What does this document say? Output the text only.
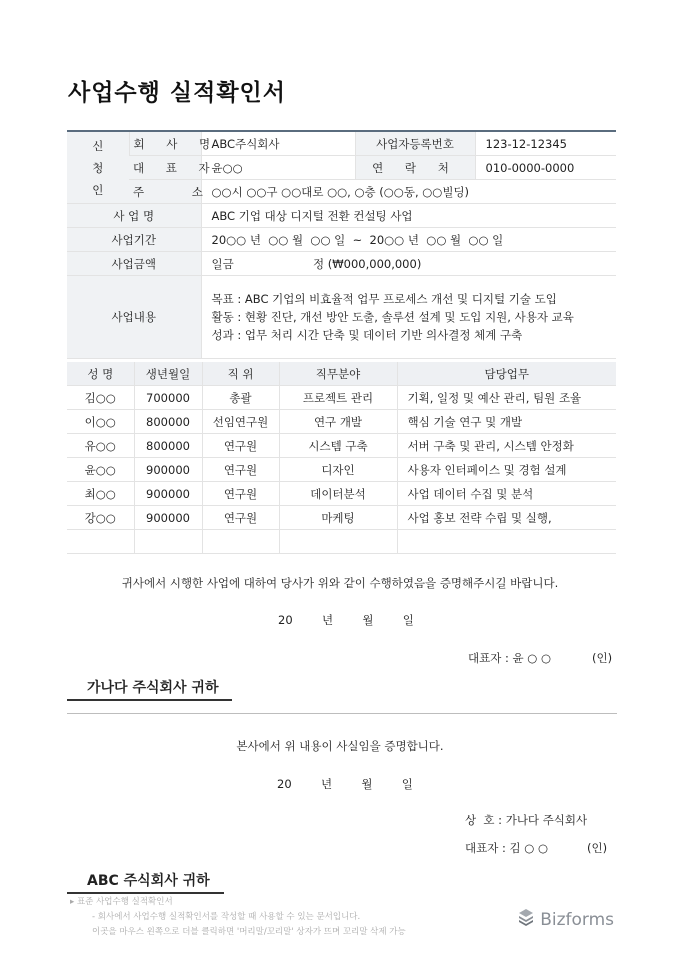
사업수행 실적확인서
신
청
인	회 사 명	ABC주식회사	사업자등록번호	123-12-12345
	대 표 자	윤○○	연 락 처	010-0000-0000
	주 소	○○시 ○○구 ○○대로 ○○, ○층 (○○동, ○○빌딩)		
사 업 명		ABC 기업 대상 디지털 전환 컨설팅 사업		
사업기간		20○○ 년  ○○ 월  ○○ 일  ~  20○○ 년  ○○ 월  ○○ 일		
사업금액		일금 정 (₩000,000,000)		
사업내용		목표 : ABC 기업의 비효율적 업무 프로세스 개선 및 디지털 기술 도입
활동 : 현황 진단, 개선 방안 도출, 솔루션 설계 및 도입 지원, 사용자 교육
성과 : 업무 처리 시간 단축 및 데이터 기반 의사결정 체계 구축		
성 명	생년월일	직 위	직무분야	담당업무
김○○	700000	총괄	프로젝트 관리	기획, 일정 및 예산 관리, 팀원 조율
이○○	800000	선임연구원	연구 개발	핵심 기술 연구 및 개발
유○○	800000	연구원	시스템 구축	서버 구축 및 관리, 시스템 안정화
윤○○	900000	연구원	디자인	사용자 인터페이스 및 경험 설계
최○○	900000	연구원	데이터분석	사업 데이터 수집 및 분석
강○○	900000	연구원	마케팅	사업 홍보 전략 수립 및 실행,

귀사에서 시행한 사업에 대하여 당사가 위와 같이 수행하였음을 증명해주시길 바랍니다.
20	년	월	일
대표자 : 윤 ○ ○	(인)
가나다 주식회사 귀하
본사에서 위 내용이 사실임을 증명합니다.
20	년	월	일
상  호 : 가나다 주식회사
대표자 : 김 ○ ○	(인)
ABC 주식회사 귀하
▸ 표준 사업수행 실적확인서
- 회사에서 사업수행 실적확인서를 작성할 때 사용할 수 있는 문서입니다.
이곳을 마우스 왼쪽으로 더블 클릭하면 '머리말/꼬리말' 상자가 뜨며 꼬리말 삭제 가능
Bizforms
